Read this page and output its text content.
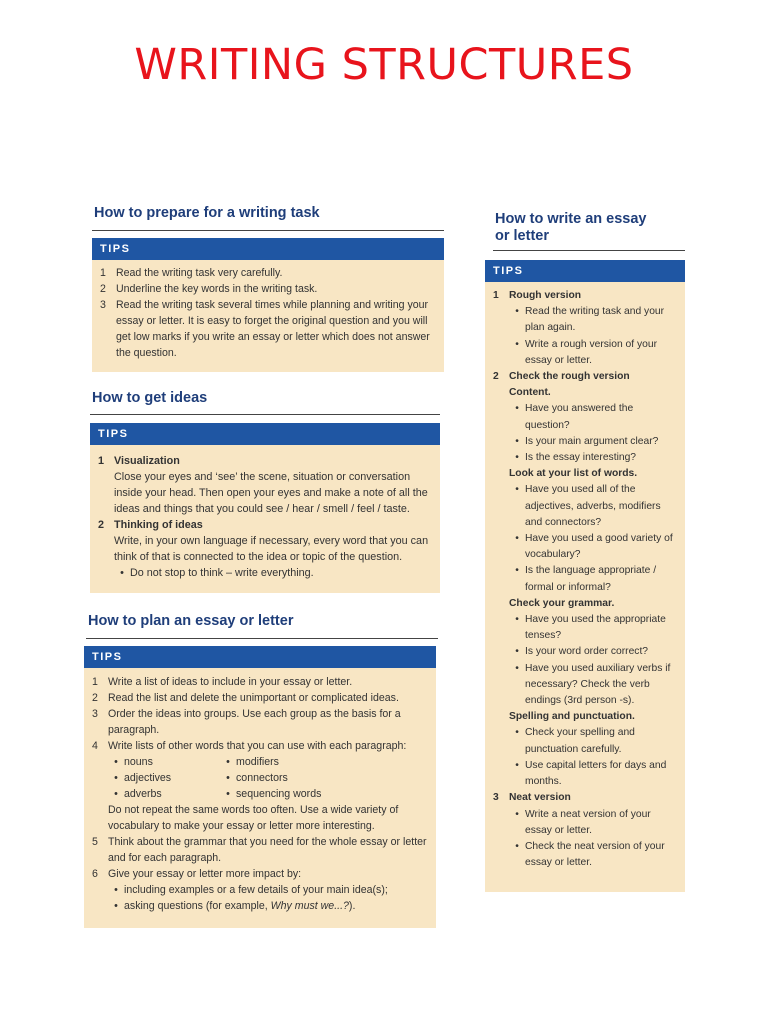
WRITING STRUCTURES
How to prepare for a writing task
TIPS
1 Read the writing task very carefully.
2 Underline the key words in the writing task.
3 Read the writing task several times while planning and writing your essay or letter. It is easy to forget the original question and you will get low marks if you write an essay or letter which does not answer the question.
How to get ideas
TIPS
1 Visualization
Close your eyes and ‘see’ the scene, situation or conversation inside your head. Then open your eyes and make a note of all the ideas and things that you could see / hear / smell / feel / taste.
2 Thinking of ideas
Write, in your own language if necessary, every word that you can think of that is connected to the idea or topic of the question.
• Do not stop to think – write everything.
How to plan an essay or letter
TIPS
1 Write a list of ideas to include in your essay or letter.
2 Read the list and delete the unimportant or complicated ideas.
3 Order the ideas into groups. Use each group as the basis for a paragraph.
4 Write lists of other words that you can use with each paragraph:
• nouns	• modifiers
• adjectives	• connectors
• adverbs	• sequencing words
Do not repeat the same words too often. Use a wide variety of vocabulary to make your essay or letter more interesting.
5 Think about the grammar that you need for the whole essay or letter and for each paragraph.
6 Give your essay or letter more impact by:
• including examples or a few details of your main idea(s);
• asking questions (for example, Why must we...?).
How to write an essay
or letter
TIPS
1 Rough version
• Read the writing task and your plan again.
• Write a rough version of your essay or letter.
2 Check the rough version
Content.
• Have you answered the question?
• Is your main argument clear?
• Is the essay interesting?
Look at your list of words.
• Have you used all of the adjectives, adverbs, modifiers and connectors?
• Have you used a good variety of vocabulary?
• Is the language appropriate / formal or informal?
Check your grammar.
• Have you used the appropriate tenses?
• Is your word order correct?
• Have you used auxiliary verbs if necessary? Check the verb endings (3rd person -s).
Spelling and punctuation.
• Check your spelling and punctuation carefully.
• Use capital letters for days and months.
3 Neat version
• Write a neat version of your essay or letter.
• Check the neat version of your essay or letter.
